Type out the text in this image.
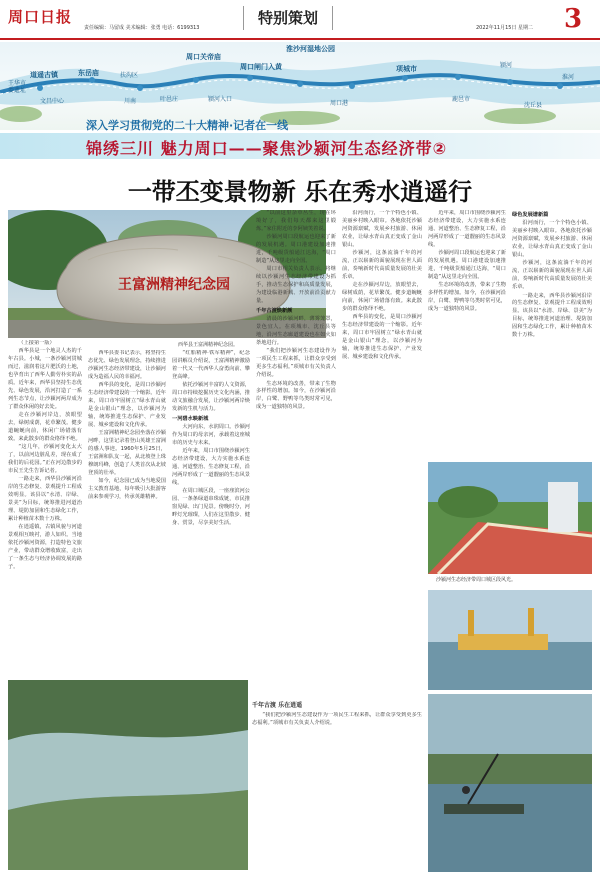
周口日报
责任编辑：马留成 美术编辑：张勇 电话：6199313
特别策划
2022年11月15日 星期二 3
道遥古镇
王华市委遗址
文昌中心
东岳庙	扶沟区
川南	叶邑庄	颍河入口
周口关帝庙
周口闸门入黄
淮沙河湿地公园
周口港
项城市
鹿邑市
沈丘县
淮河
颍河
深入学习贯彻党的二十大精神·记者在一线
锦绣三川 魅力周口——聚焦沙颍河生态经济带②
一带丕变景物新 乐在秀水逍遥行
王富洲精神纪念园
西华县王富洲精神纪念园。

（上接第一版）

西华县是一个地灵人杰的千年古县。小城，一条沙颍河贯城而过，滋润着这片肥沃的土地，也孕育出了西华人勤劳朴实的品质。近年来，西华县坚持生态优先、绿色发展，沿河打造了一系列生态节点，让沙颍河两岸成为了群众休闲的好去处。

走在沙颍河岸边，放眼望去，绿树成荫，花草繁茂。健步道蜿蜒向前，休闲广场错落有致。来此散步的群众络绎不绝。

“这几年，沙颍河变化太大了，以前河边脏乱差，现在成了我们的后花园。”正在河边散步的市民王先生告诉记者。

一路走来，西华县沙颍河沿岸的生态修复、景观提升工程成效明显。该县以“水清、岸绿、景美”为目标，统筹推进河道治理、堤防加固和生态绿化工作，累计种植苗木数十万株。

在逍遥镇，古镇风貌与河道景观相互映衬，游人如织。当地依托沙颍河资源，打造特色文旅产业，带动群众增收致富，走出了一条生态与经济协调发展的路子。

西华县委书记表示，将坚持生态优先、绿色发展理念，持续推进沙颍河生态经济带建设，让沙颍河成为造福人民的幸福河。

西华县的变化，是周口沙颍河生态经济带建设的一个缩影。近年来，周口市牢固树立“绿水青山就是金山银山”理念，以沙颍河为轴，统筹推进生态保护、产业发展、城乡建设和文化传承。

王富洲精神纪念园坐落在沙颍河畔，这里记录着登山英雄王富洲的感人事迹。1960年5月25日，王富洲和队友一起，从北坡登上珠穆朗玛峰，创造了人类首次从北坡登顶的壮举。

如今，纪念园已成为当地爱国主义教育基地，每年吸引大批游客前来参观学习，传承英雄精神。

“红船精神·铁军精神”，纪念园讲解员介绍说，王富洲精神激励着一代又一代西华人奋勇向前、攀登高峰。

依托沙颍河丰富的人文资源，周口市持续挖掘历史文化内涵，推动文旅融合发展，让沙颍河两岸焕发新的生机与活力。

一河碧水映新城

大河向东，水润周口。沙颍河作为周口的母亲河，承载着这座城市的历史与未来。

近年来，周口市围绕沙颍河生态经济带建设，大力实施水系连通、河道整治、生态修复工程，沿河两岸形成了一道靓丽的生态风景线。

在周口城区段，一座座滨河公园、一条条绿道串珠成链，市民推窗见绿、出门见景。傍晚时分，河畔灯光璀璨，人们在这里散步、健身、赏景，尽享美好生活。

“以前这里杂草丛生，现在环境好了，我们每天都来这里锻炼。”家住附近的李阿姨笑着说。

沙颍河周口段航运也迎来了新的发展机遇。周口港建设加速推进，千吨级货船通江达海，“周口制造”从这里走向全国。

周口市相关负责人表示，将继续以沙颍河生态经济带建设为抓手，推动生态保护和高质量发展，为建设临港新城、开放前沿贡献力量。

千年古渡焕新颜

清晨的沙颍河畔，薄雾笼罩，景色宜人。在项城市、沈丘县等地，沿河生态廊道建设也在如火如荼地进行。

“我们把沙颍河生态建设作为一项民生工程来抓，让群众享受到更多生态福利。”项城市有关负责人介绍说。

生态环境的改善，带来了生物多样性的增加。如今，在沙颍河沿岸，白鹭、野鸭等鸟类时常可见，成为一道独特的风景。

沿河而行，一个个特色小镇、美丽乡村映入眼帘。各地依托沙颍河资源禀赋，发展乡村旅游、休闲农业，让绿水青山真正变成了金山银山。

沙颍河，这条流淌千年的河流，正以崭新的面貌展现在世人面前，奏响新时代高质量发展的壮美乐章。

走在沙颍河岸边，放眼望去，绿树成荫，花草繁茂。健步道蜿蜒向前，休闲广场错落有致。来此散步的群众络绎不绝。

西华县的变化，是周口沙颍河生态经济带建设的一个缩影。近年来，周口市牢固树立“绿水青山就是金山银山”理念，以沙颍河为轴，统筹推进生态保护、产业发展、城乡建设和文化传承。

近年来，周口市围绕沙颍河生态经济带建设，大力实施水系连通、河道整治、生态修复工程，沿河两岸形成了一道靓丽的生态风景线。

沙颍河周口段航运也迎来了新的发展机遇。周口港建设加速推进，千吨级货船通江达海，“周口制造”从这里走向全国。

生态环境的改善，带来了生物多样性的增加。如今，在沙颍河沿岸，白鹭、野鸭等鸟类时常可见，成为一道独特的风景。

绿色发展谱新篇

沿河而行，一个个特色小镇、美丽乡村映入眼帘。各地依托沙颍河资源禀赋，发展乡村旅游、休闲农业，让绿水青山真正变成了金山银山。

沙颍河，这条流淌千年的河流，正以崭新的面貌展现在世人面前，奏响新时代高质量发展的壮美乐章。

一路走来，西华县沙颍河沿岸的生态修复、景观提升工程成效明显。该县以“水清、岸绿、景美”为目标，统筹推进河道治理、堤防加固和生态绿化工作，累计种植苗木数十万株。

沙颍河生态经济带周口城区段风光。
千年古渡 乐在逍遥

“我们把沙颍河生态建设作为一项民生工程来抓，让群众享受到更多生态福利。”项城市有关负责人介绍说。
